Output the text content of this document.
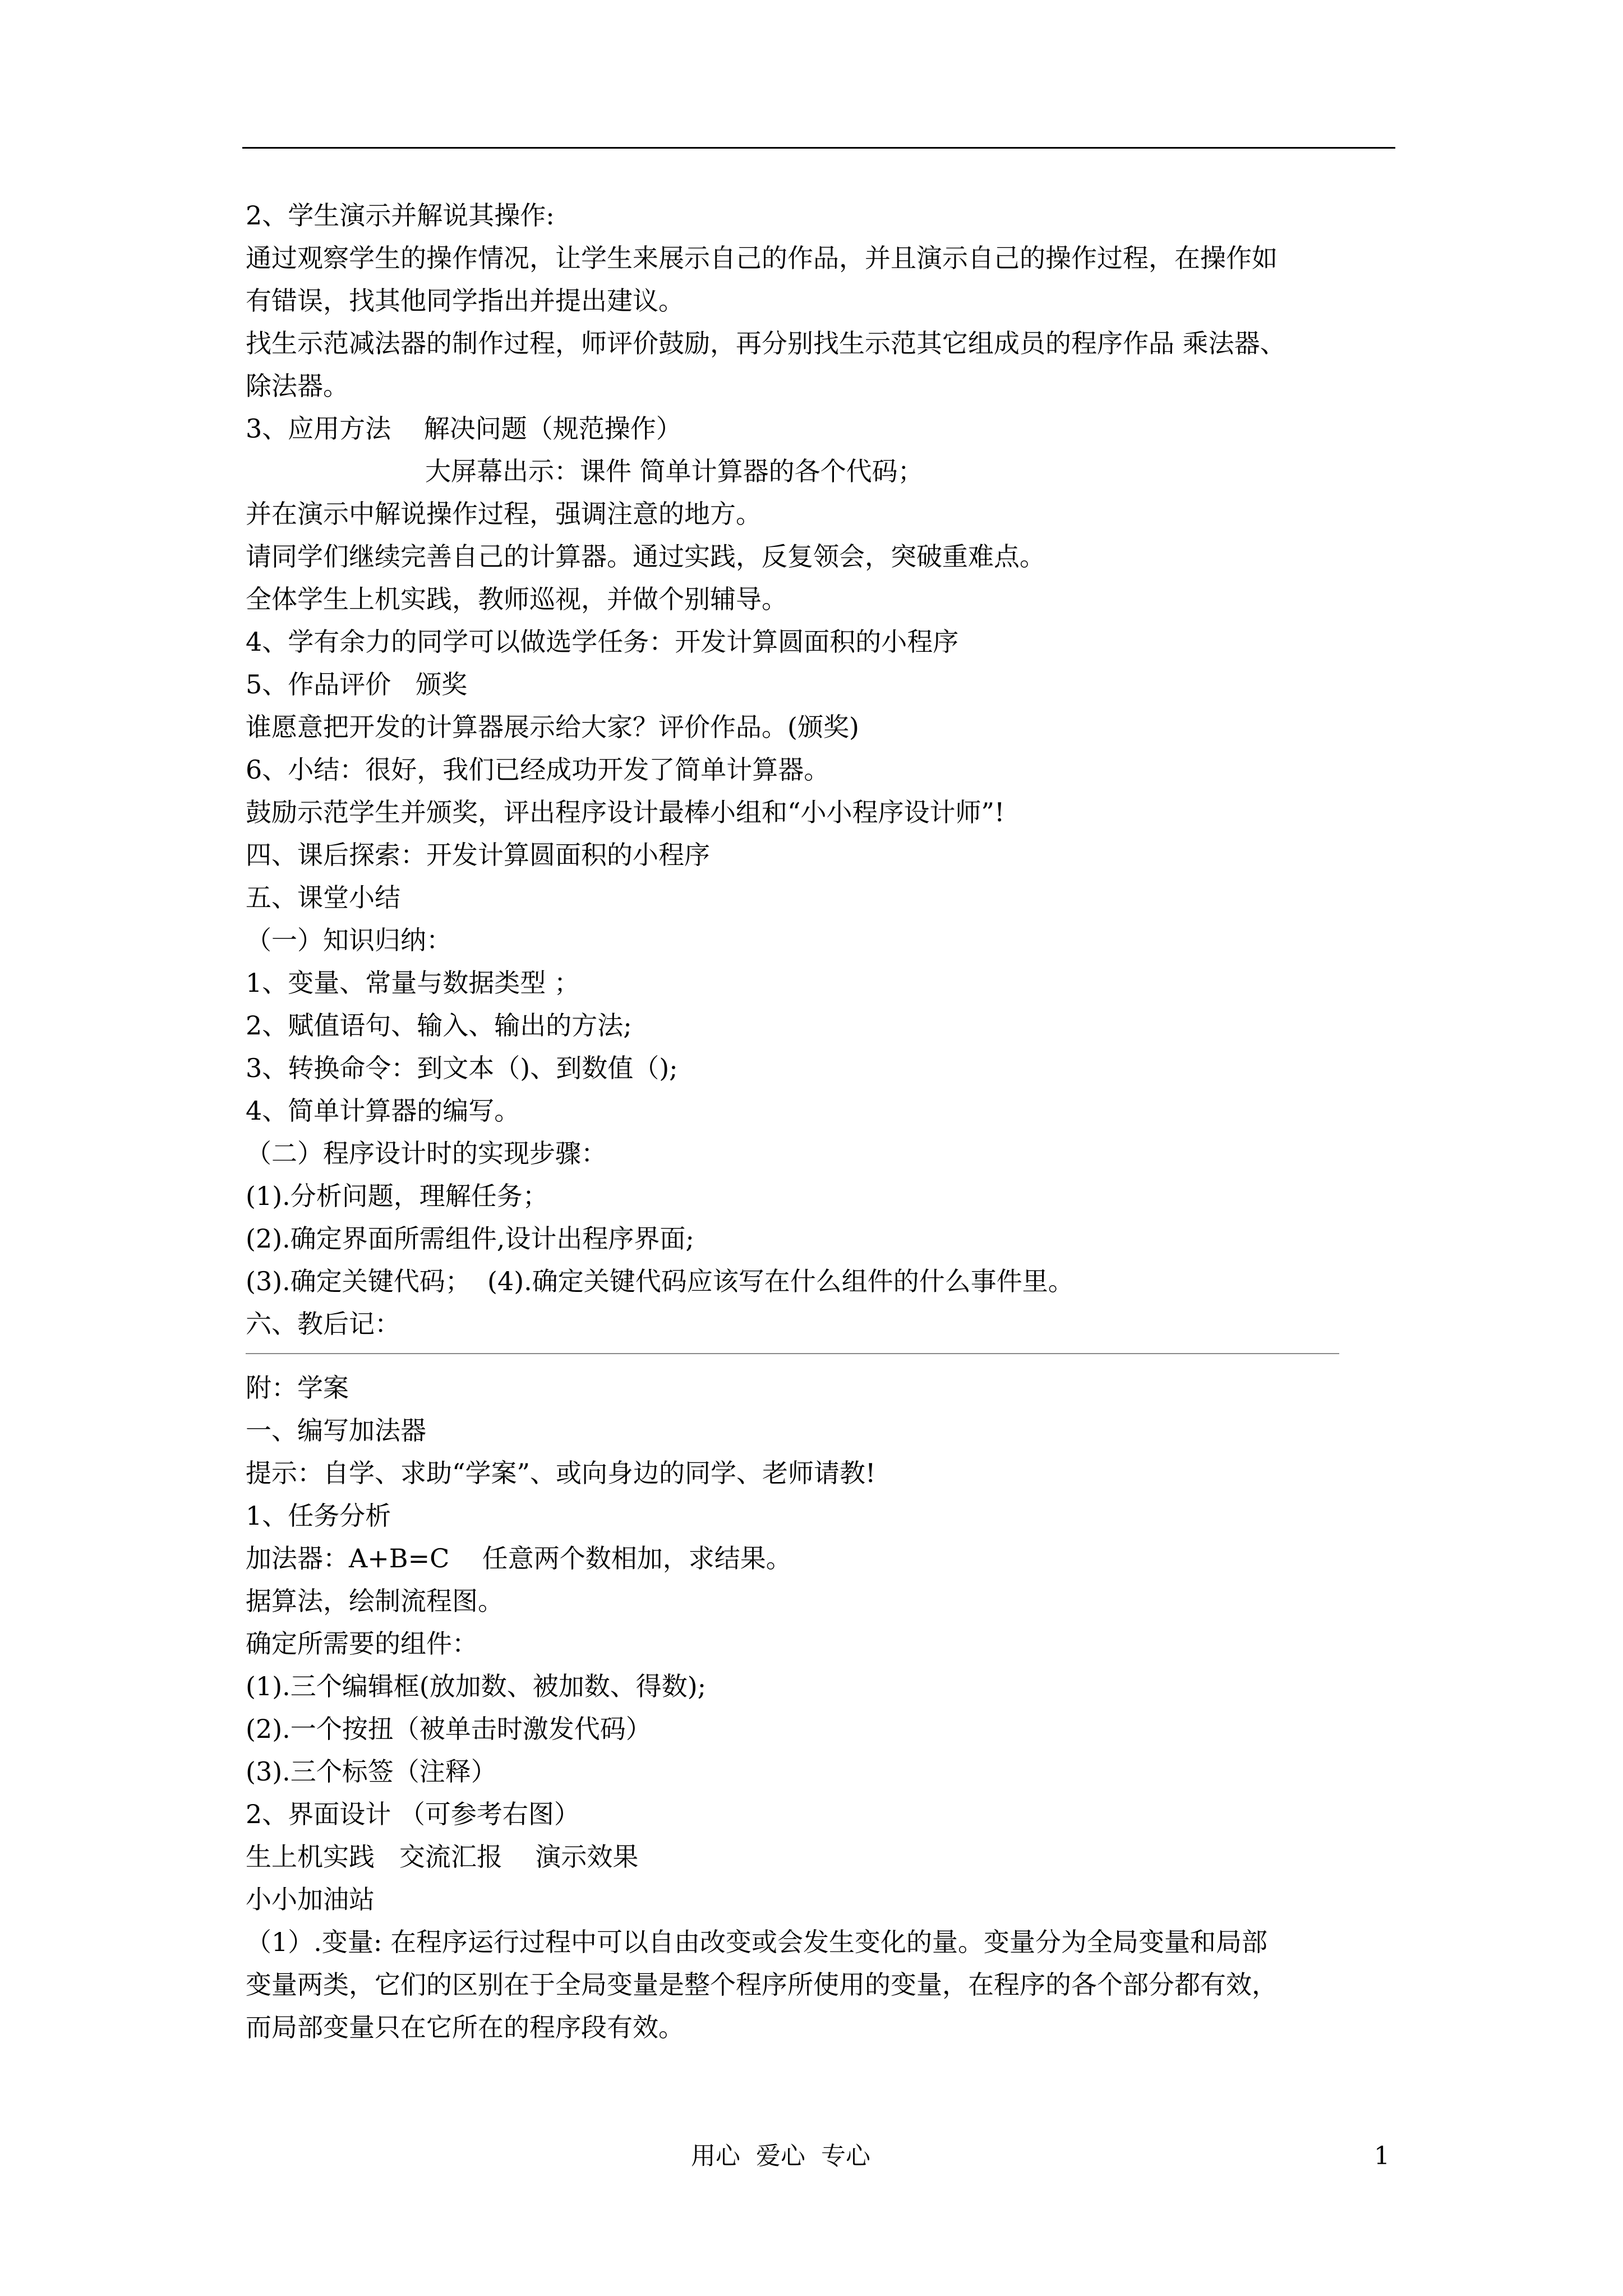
2、学生演示并解说其操作:
通过观察学生的操作情况，让学生来展示自己的作品，并且演示自己的操作过程，在操作如
有错误，找其他同学指出并提出建议。
找生示范减法器的制作过程，师评价鼓励，再分别找生示范其它组成员的程序作品 乘法器、
除法器。
3、应用方法    解决问题（规范操作）
大屏幕出示：课件 简单计算器的各个代码；
并在演示中解说操作过程，强调注意的地方。
请同学们继续完善自己的计算器。通过实践，反复领会，突破重难点。
全体学生上机实践，教师巡视，并做个别辅导。
4、学有余力的同学可以做选学任务：开发计算圆面积的小程序
5、作品评价   颁奖
谁愿意把开发的计算器展示给大家？评价作品。(颁奖)
6、小结：很好，我们已经成功开发了简单计算器。
鼓励示范学生并颁奖，评出程序设计最棒小组和“小小程序设计师”!
四、课后探索：开发计算圆面积的小程序
五、课堂小结
（一）知识归纳：
1、变量、常量与数据类型 ；
2、赋值语句、输入、输出的方法;
3、转换命令：到文本（)、到数值（);
4、简单计算器的编写。
（二）程序设计时的实现步骤：
(1).分析问题，理解任务；
(2).确定界面所需组件,设计出程序界面;
(3).确定关键代码；  (4).确定关键代码应该写在什么组件的什么事件里。
六、教后记：
附：学案
一、编写加法器
提示：自学、求助“学案”、或向身边的同学、老师请教!
1、任务分析
加法器：A+B=C    任意两个数相加，求结果。
据算法，绘制流程图。
确定所需要的组件：
(1).三个编辑框(放加数、被加数、得数);
(2).一个按扭（被单击时激发代码）
(3).三个标签（注释）
2、界面设计 （可参考右图）
生上机实践   交流汇报    演示效果
小小加油站
（1）.变量: 在程序运行过程中可以自由改变或会发生变化的量。变量分为全局变量和局部
变量两类，它们的区别在于全局变量是整个程序所使用的变量，在程序的各个部分都有效，
而局部变量只在它所在的程序段有效。
用心  爱心  专心	1
